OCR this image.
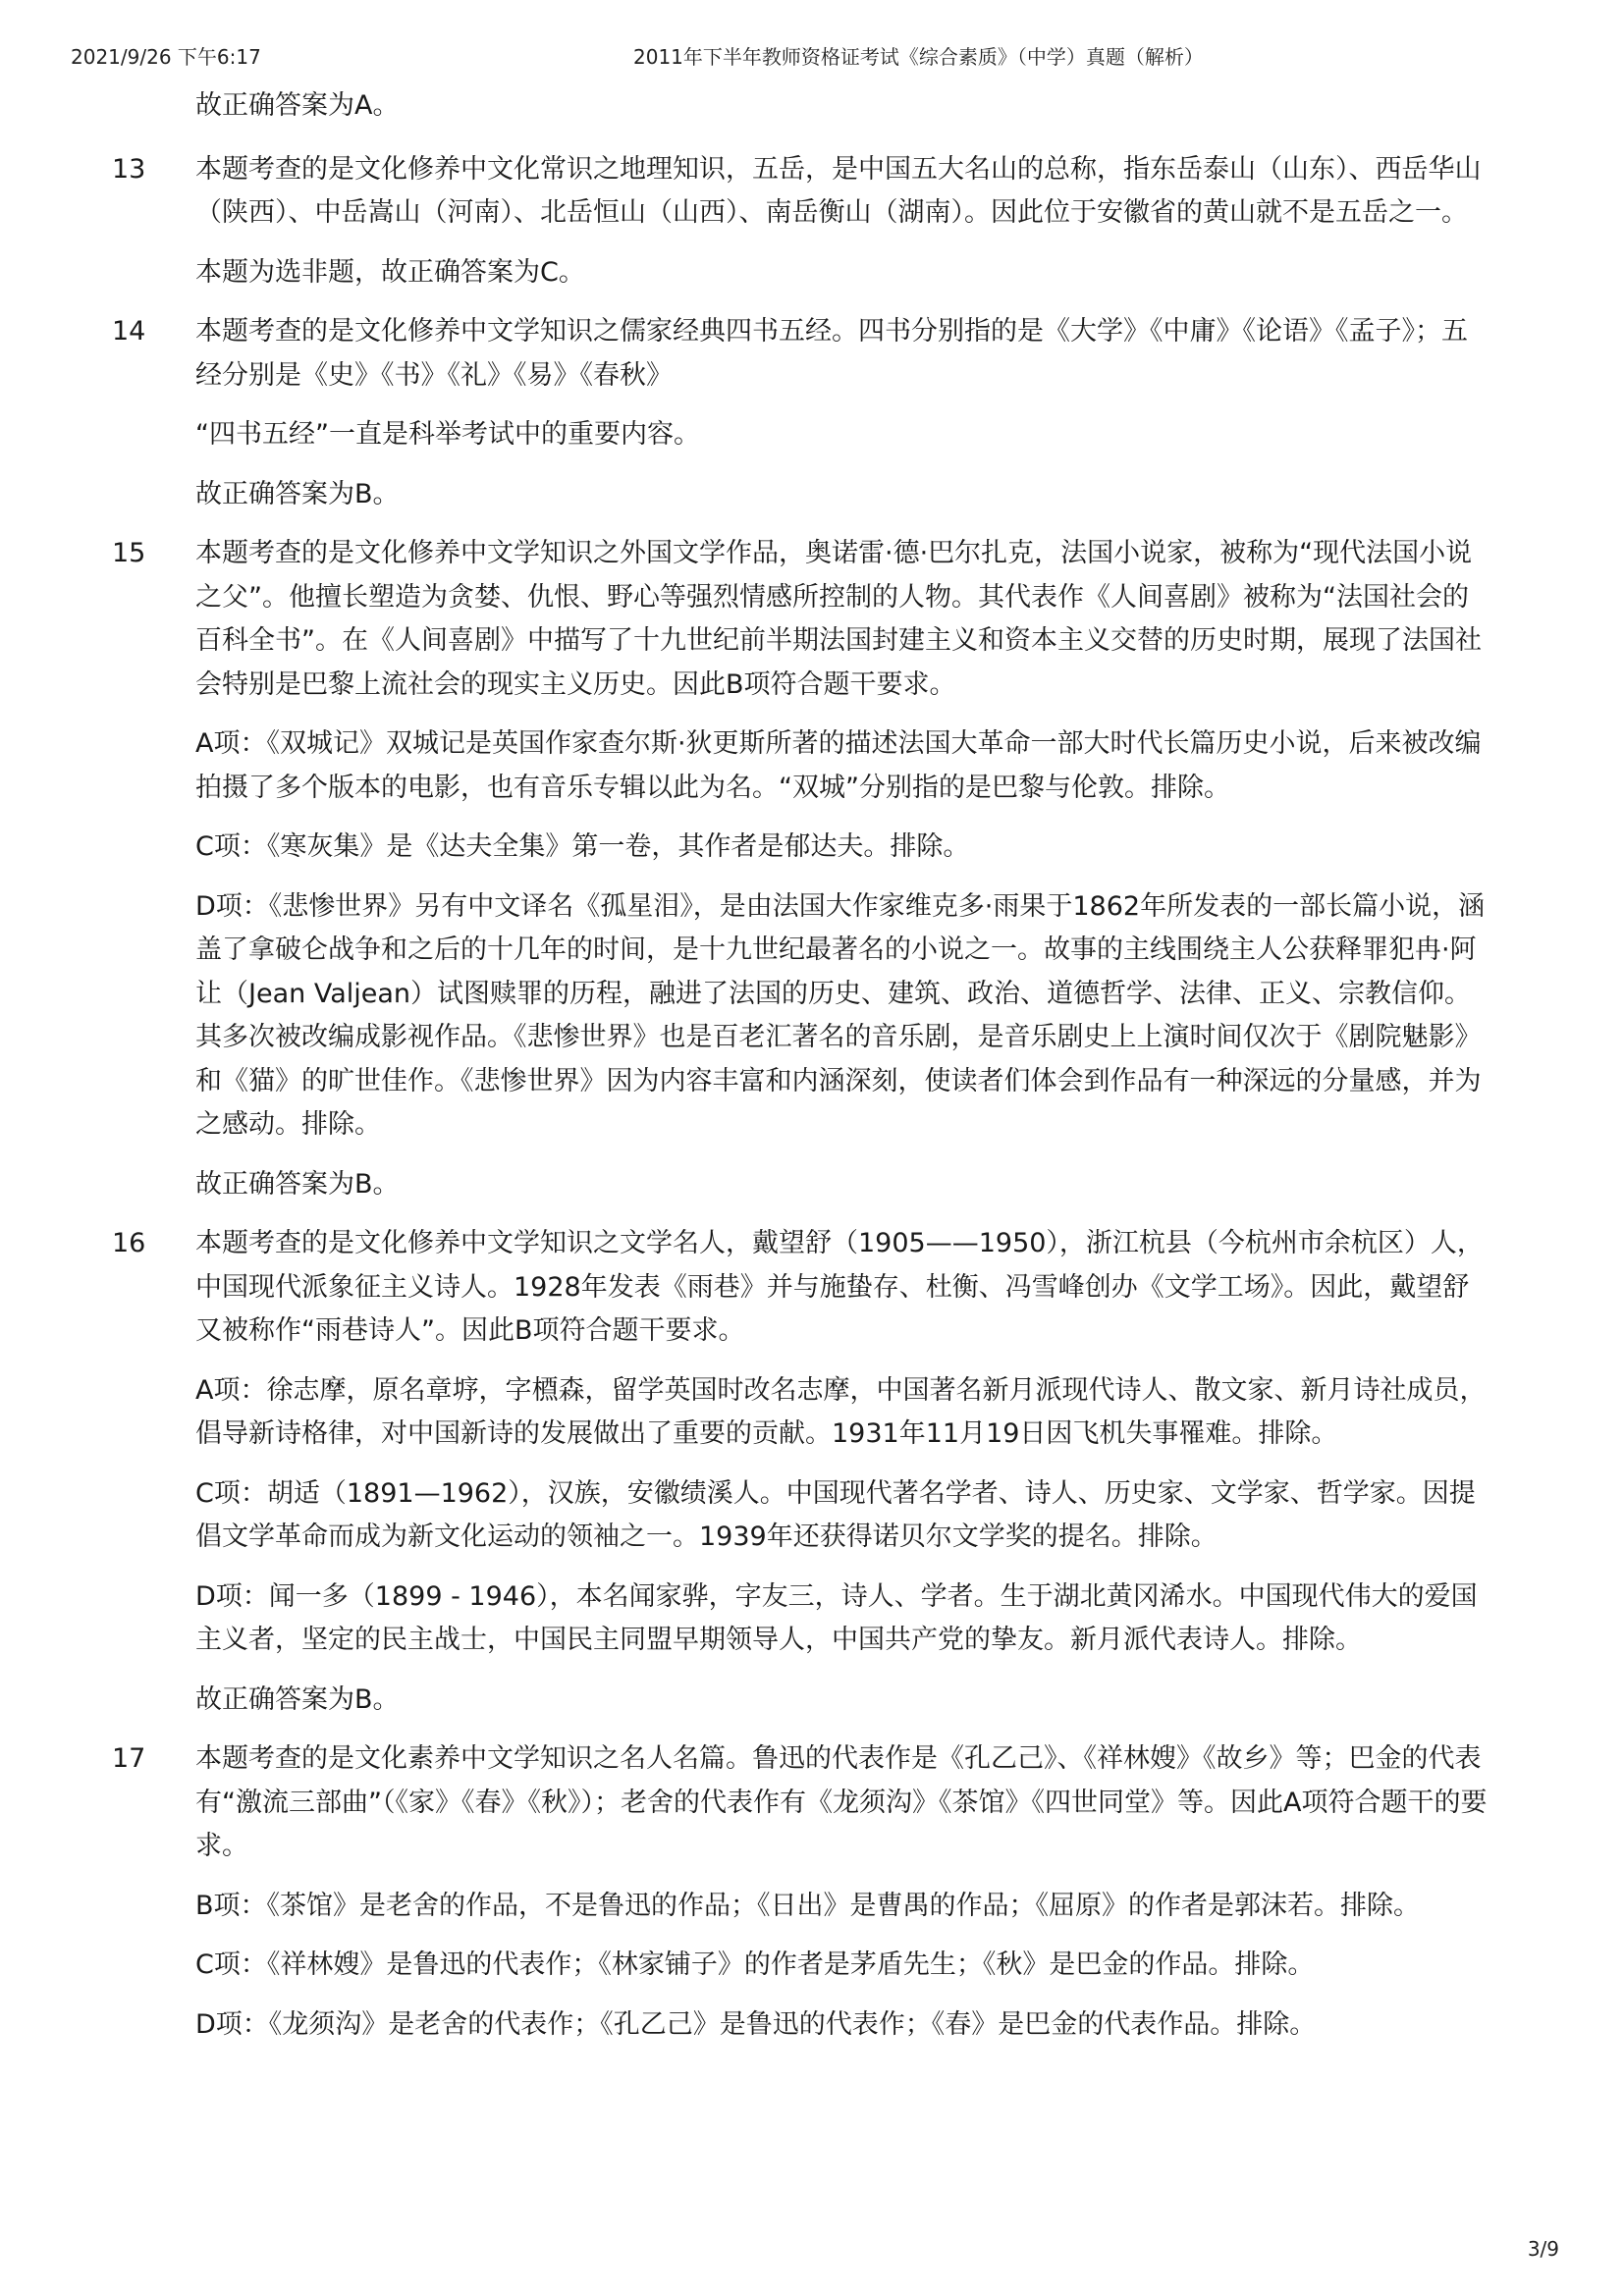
2021/9/26 下午6:17	2011年下半年教师资格证考试《综合素质》（中学）真题（解析）

故正确答案为A。

13 本题考查的是文化修养中文化常识之地理知识，五岳，是中国五大名山的总称，指东岳泰山（山东）、西岳华山（陕西）、中岳嵩山（河南）、北岳恒山（山西）、南岳衡山（湖南）。因此位于安徽省的黄山就不是五岳之一。

本题为选非题，故正确答案为C。

14 本题考查的是文化修养中文学知识之儒家经典四书五经。四书分别指的是《大学》《中庸》《论语》《孟子》；五经分别是《史》《书》《礼》《易》《春秋》

“四书五经”一直是科举考试中的重要内容。

故正确答案为B。

15 本题考查的是文化修养中文学知识之外国文学作品，奥诺雷·德·巴尔扎克，法国小说家，被称为“现代法国小说之父”。他擅长塑造为贪婪、仇恨、野心等强烈情感所控制的人物。其代表作《人间喜剧》被称为“法国社会的百科全书”。在《人间喜剧》中描写了十九世纪前半期法国封建主义和资本主义交替的历史时期，展现了法国社会特别是巴黎上流社会的现实主义历史。因此B项符合题干要求。

A项：《双城记》双城记是英国作家查尔斯·狄更斯所著的描述法国大革命一部大时代长篇历史小说，后来被改编拍摄了多个版本的电影，也有音乐专辑以此为名。“双城”分别指的是巴黎与伦敦。排除。

C项：《寒灰集》是《达夫全集》第一卷，其作者是郁达夫。排除。

D项：《悲惨世界》另有中文译名《孤星泪》，是由法国大作家维克多·雨果于1862年所发表的一部长篇小说，涵盖了拿破仑战争和之后的十几年的时间，是十九世纪最著名的小说之一。故事的主线围绕主人公获释罪犯冉·阿让（Jean Valjean）试图赎罪的历程，融进了法国的历史、建筑、政治、道德哲学、法律、正义、宗教信仰。其多次被改编成影视作品。《悲惨世界》也是百老汇著名的音乐剧，是音乐剧史上上演时间仅次于《剧院魅影》和《猫》的旷世佳作。《悲惨世界》因为内容丰富和内涵深刻，使读者们体会到作品有一种深远的分量感，并为之感动。排除。

故正确答案为B。

16 本题考查的是文化修养中文学知识之文学名人，戴望舒（1905——1950），浙江杭县（今杭州市余杭区）人，中国现代派象征主义诗人。1928年发表《雨巷》并与施蛰存、杜衡、冯雪峰创办《文学工场》。因此，戴望舒又被称作“雨巷诗人”。因此B项符合题干要求。

A项：徐志摩，原名章垿，字槱森，留学英国时改名志摩，中国著名新月派现代诗人、散文家、新月诗社成员，倡导新诗格律，对中国新诗的发展做出了重要的贡献。1931年11月19日因飞机失事罹难。排除。

C项：胡适（1891—1962），汉族，安徽绩溪人。中国现代著名学者、诗人、历史家、文学家、哲学家。因提倡文学革命而成为新文化运动的领袖之一。1939年还获得诺贝尔文学奖的提名。排除。

D项：闻一多（1899 - 1946），本名闻家骅，字友三，诗人、学者。生于湖北黄冈浠水。中国现代伟大的爱国主义者，坚定的民主战士，中国民主同盟早期领导人，中国共产党的挚友。新月派代表诗人。排除。

故正确答案为B。

17 本题考查的是文化素养中文学知识之名人名篇。鲁迅的代表作是《孔乙己》、《祥林嫂》《故乡》等；巴金的代表有“激流三部曲”（《家》《春》《秋》）；老舍的代表作有《龙须沟》《茶馆》《四世同堂》等。因此A项符合题干的要求。

B项：《茶馆》是老舍的作品，不是鲁迅的作品；《日出》是曹禺的作品；《屈原》的作者是郭沫若。排除。

C项：《祥林嫂》是鲁迅的代表作；《林家铺子》的作者是茅盾先生；《秋》是巴金的作品。排除。

D项：《龙须沟》是老舍的代表作；《孔乙己》是鲁迅的代表作；《春》是巴金的代表作品。排除。

3/9
